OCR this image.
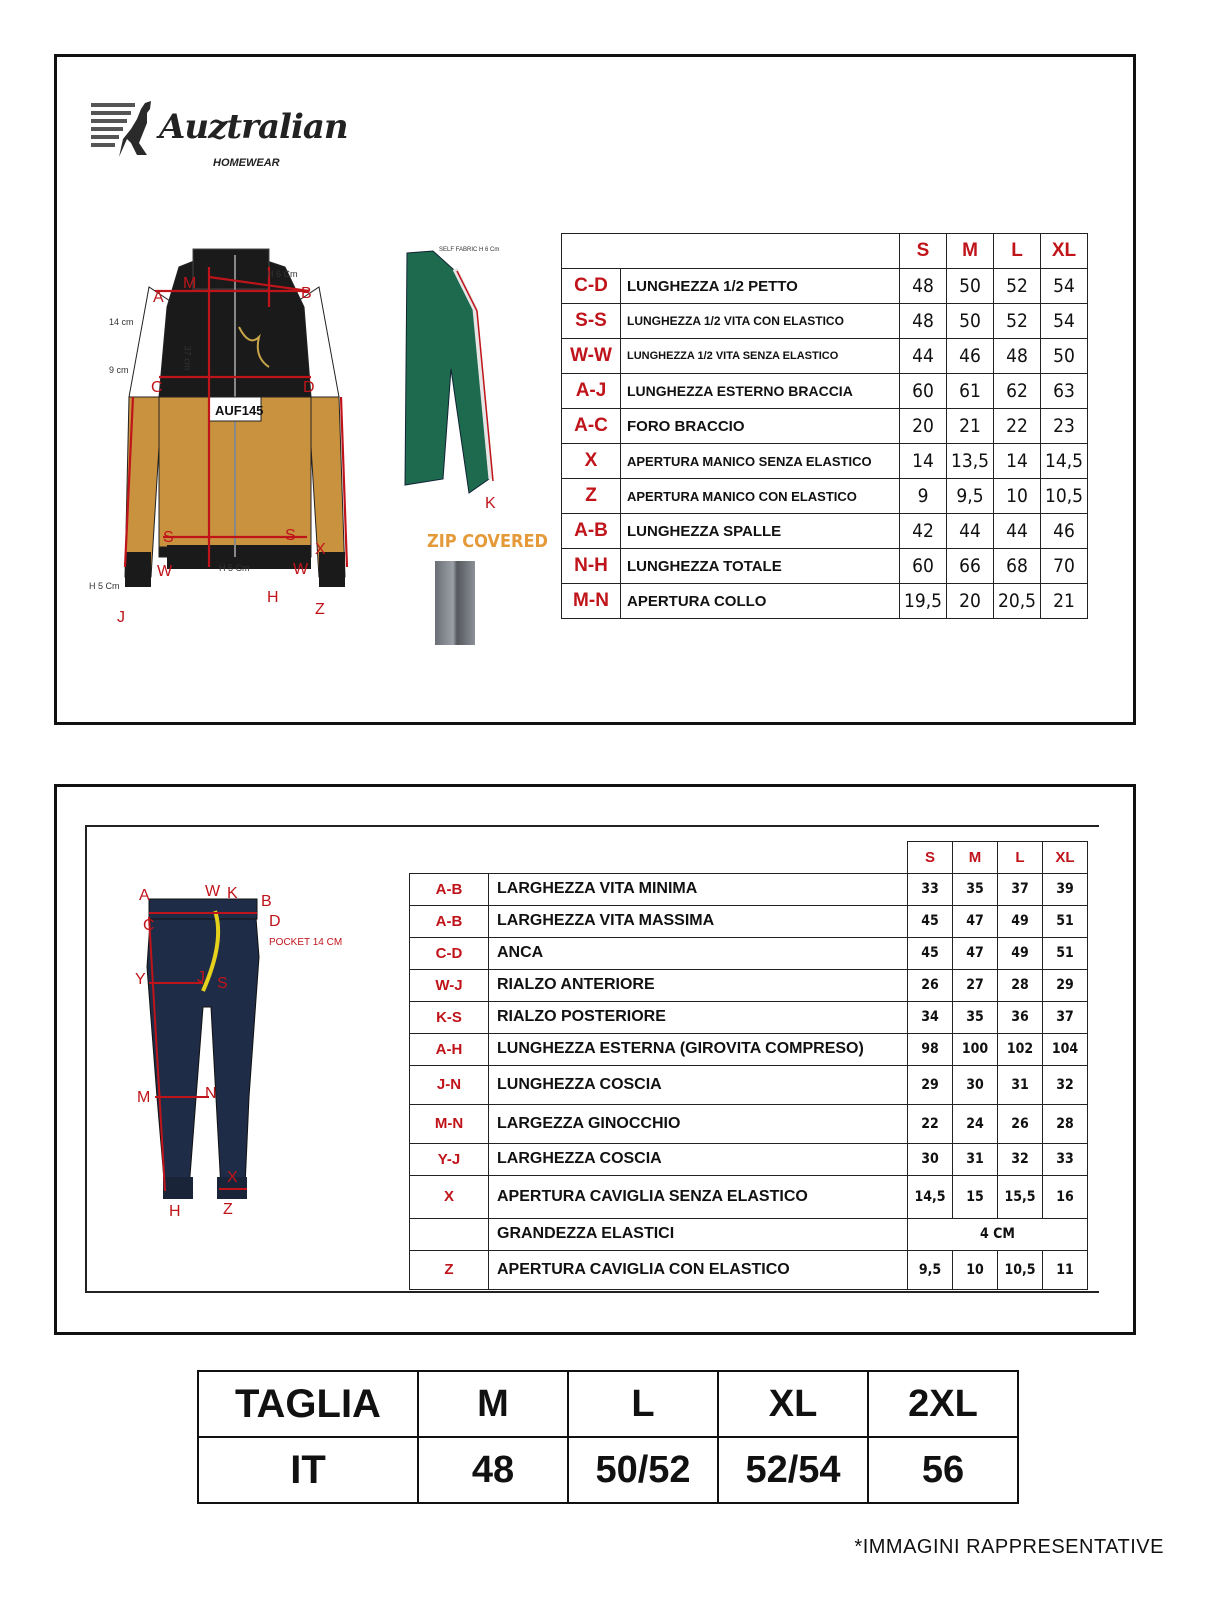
Auztralian
HOMEWEAR
AUF145
A
M
B
C	D
S	S
W	W
X
J
H
Z
K
H 6 Cm
14 cm
9 cm	37 cm
H 5 Cm
H 5 Cm
SELF FABRIC H 6 Cm
ZIP COVERED
		S	M	L	XL
C-D	LUNGHEZZA 1/2 PETTO	48	50	52	54
S-S	LUNGHEZZA 1/2 VITA CON ELASTICO	48	50	52	54
W-W	LUNGHEZZA 1/2 VITA SENZA ELASTICO	44	46	48	50
A-J	LUNGHEZZA ESTERNO BRACCIA	60	61	62	63
A-C	FORO BRACCIO	20	21	22	23
X	APERTURA MANICO SENZA ELASTICO	14	13,5	14	14,5
Z	APERTURA MANICO CON ELASTICO	9	9,5	10	10,5
A-B	LUNGHEZZA SPALLE	42	44	44	46
N-H	LUNGHEZZA TOTALE	60	66	68	70
M-N	APERTURA COLLO	19,5	20	20,5	21
A	W K B
C	D
Y	J S
M	N
X
H	Z
POCKET 14 CM
		S	M	L	XL
A-B	LARGHEZZA VITA MINIMA	33	35	37	39
A-B	LARGHEZZA VITA MASSIMA	45	47	49	51
C-D	ANCA	45	47	49	51
W-J	RIALZO ANTERIORE	26	27	28	29
K-S	RIALZO POSTERIORE	34	35	36	37
A-H	LUNGHEZZA ESTERNA (GIROVITA COMPRESO)	98	100	102	104
J-N	LUNGHEZZA COSCIA	29	30	31	32
M-N	LARGEZZA GINOCCHIO	22	24	26	28
Y-J	LARGHEZZA COSCIA	30	31	32	33
X	APERTURA CAVIGLIA SENZA ELASTICO	14,5	15	15,5	16
	GRANDEZZA ELASTICI	4 CM			
Z	APERTURA CAVIGLIA CON ELASTICO	9,5	10	10,5	11
TAGLIA	M	L	XL	2XL
IT	48	50/52	52/54	56
*IMMAGINI RAPPRESENTATIVE
